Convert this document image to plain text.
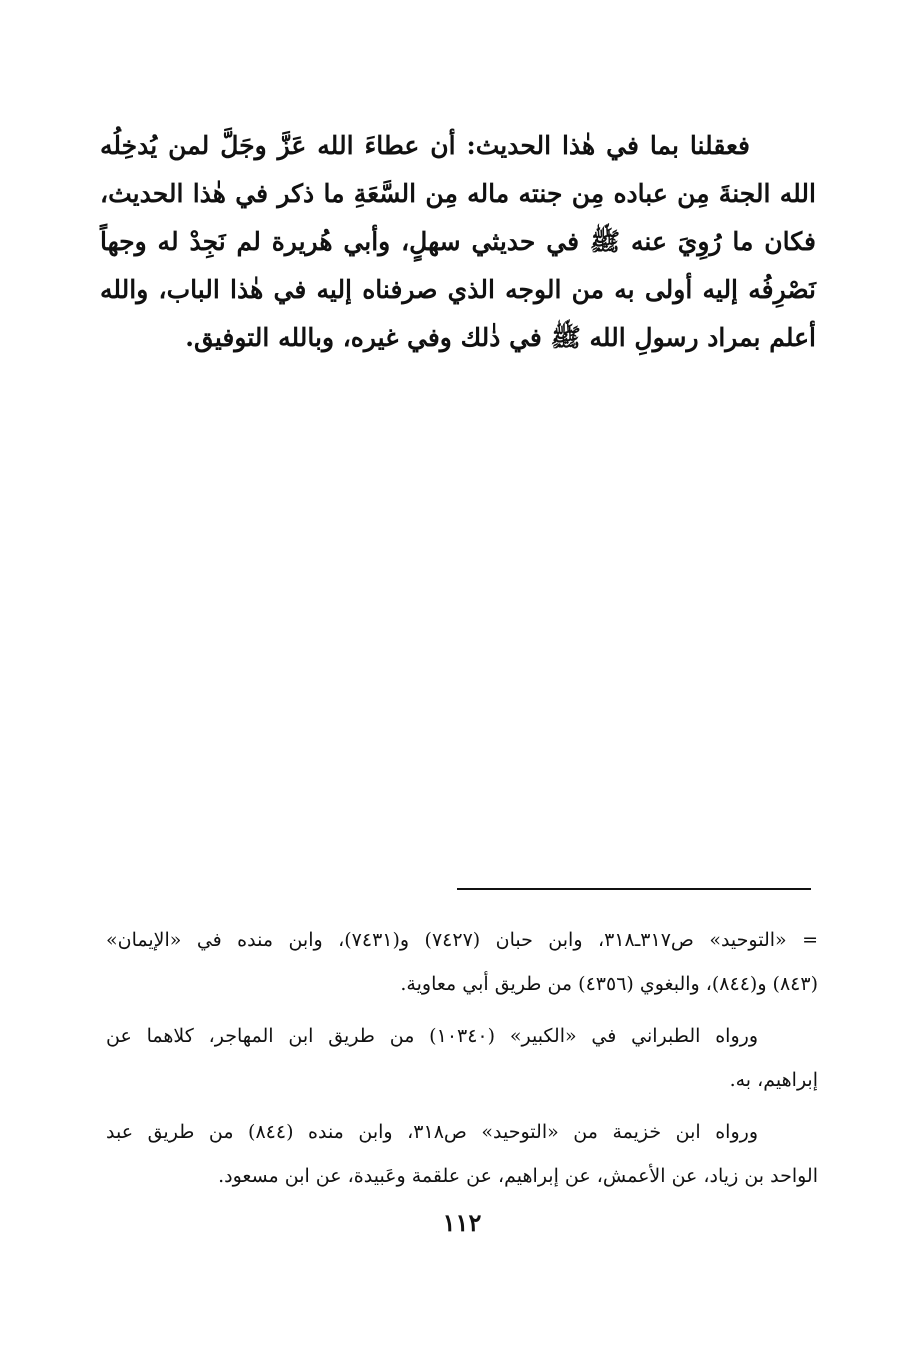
فعقلنا بما في هٰذا الحديث: أن عطاءَ الله عَزَّ وجَلَّ لمن يُدخِلُه
الله الجنةَ مِن عباده مِن جنته ماله مِن السَّعَةِ ما ذكر في هٰذا الحديث،
فكان ما رُوِيَ عنه ﷺ في حديثي سهلٍ، وأبي هُريرة لم نَجِدْ له وجهاً
نَصْرِفُه إليه أولى به من الوجه الذي صرفناه إليه في هٰذا الباب، والله
أعلم بمراد رسولِ الله ﷺ في ذٰلك وفي غيره، وبالله التوفيق.
= «التوحيد» ص٣١٧ـ٣١٨، وابن حبان (٧٤٢٧) و(٧٤٣١)، وابن منده في «الإيمان»
(٨٤٣) و(٨٤٤)، والبغوي (٤٣٥٦) من طريق أبي معاوية.
ورواه الطبراني في «الكبير» (١٠٣٤٠) من طريق ابن المهاجر، كلاهما عن
إبراهيم، به.
ورواه ابن خزيمة من «التوحيد» ص٣١٨، وابن منده (٨٤٤) من طريق عبد
الواحد بن زياد، عن الأعمش، عن إبراهيم، عن علقمة وعَبيدة، عن ابن مسعود.
١١٢
